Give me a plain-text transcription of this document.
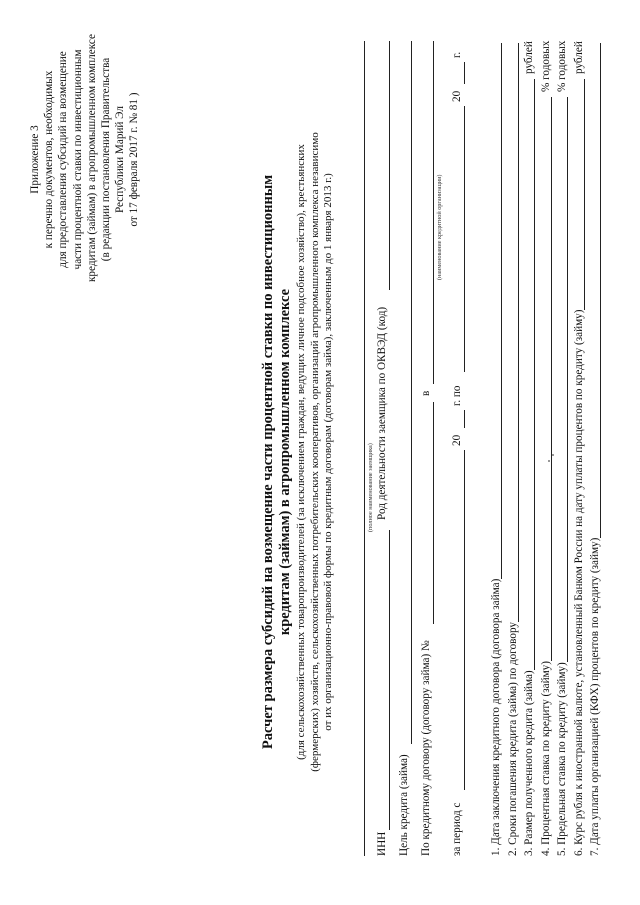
Приложение 3 к перечню документов, необходимых для предоставления субсидий на возмещение части процентной ставки по инвестиционным кредитам (займам) в агропромышленном комплексе (в редакции постановления Правительства Республики Марий Эл от 17 февраля 2017 г. № 81 )
Расчет размера субсидий на возмещение части процентной ставки по инвестиционным кредитам (займам) в агропромышленном комплексе (для сельскохозяйственных товаропроизводителей (за исключением граждан, ведущих личное подсобное хозяйство), крестьянских (фермерских) хозяйств, сельскохозяйственных потребительских кооперативов, организаций агропромышленного комплекса независимо от их организационно-правовой формы по кредитным договорам (договорам займа), заключенным до 1 января 2013 г.)	(полное наименование заемщика)
ИНН
Род деятельности заемщика по ОКВЭД (код)
Цель кредита (займа) По кредитному договору (договору займа) №
в
(наименование кредитной организации)
за период с
20
г. по
20
г.
1. Дата заключения кредитного договора (договора займа) 2. Сроки погашения кредита (займа) по договору 3. Размер полученного кредита (займа)
рублей
4. Процентная ставка по кредиту (займу)
% годовых
5. Предельная ставка по кредиту (займу)
% годовых
6. Курс рубля к иностранной валюте, установленный Банком России на дату уплаты процентов по кредиту (займу)
рублей
7. Дата уплаты организацией (КФХ) процентов по кредиту (займу)
